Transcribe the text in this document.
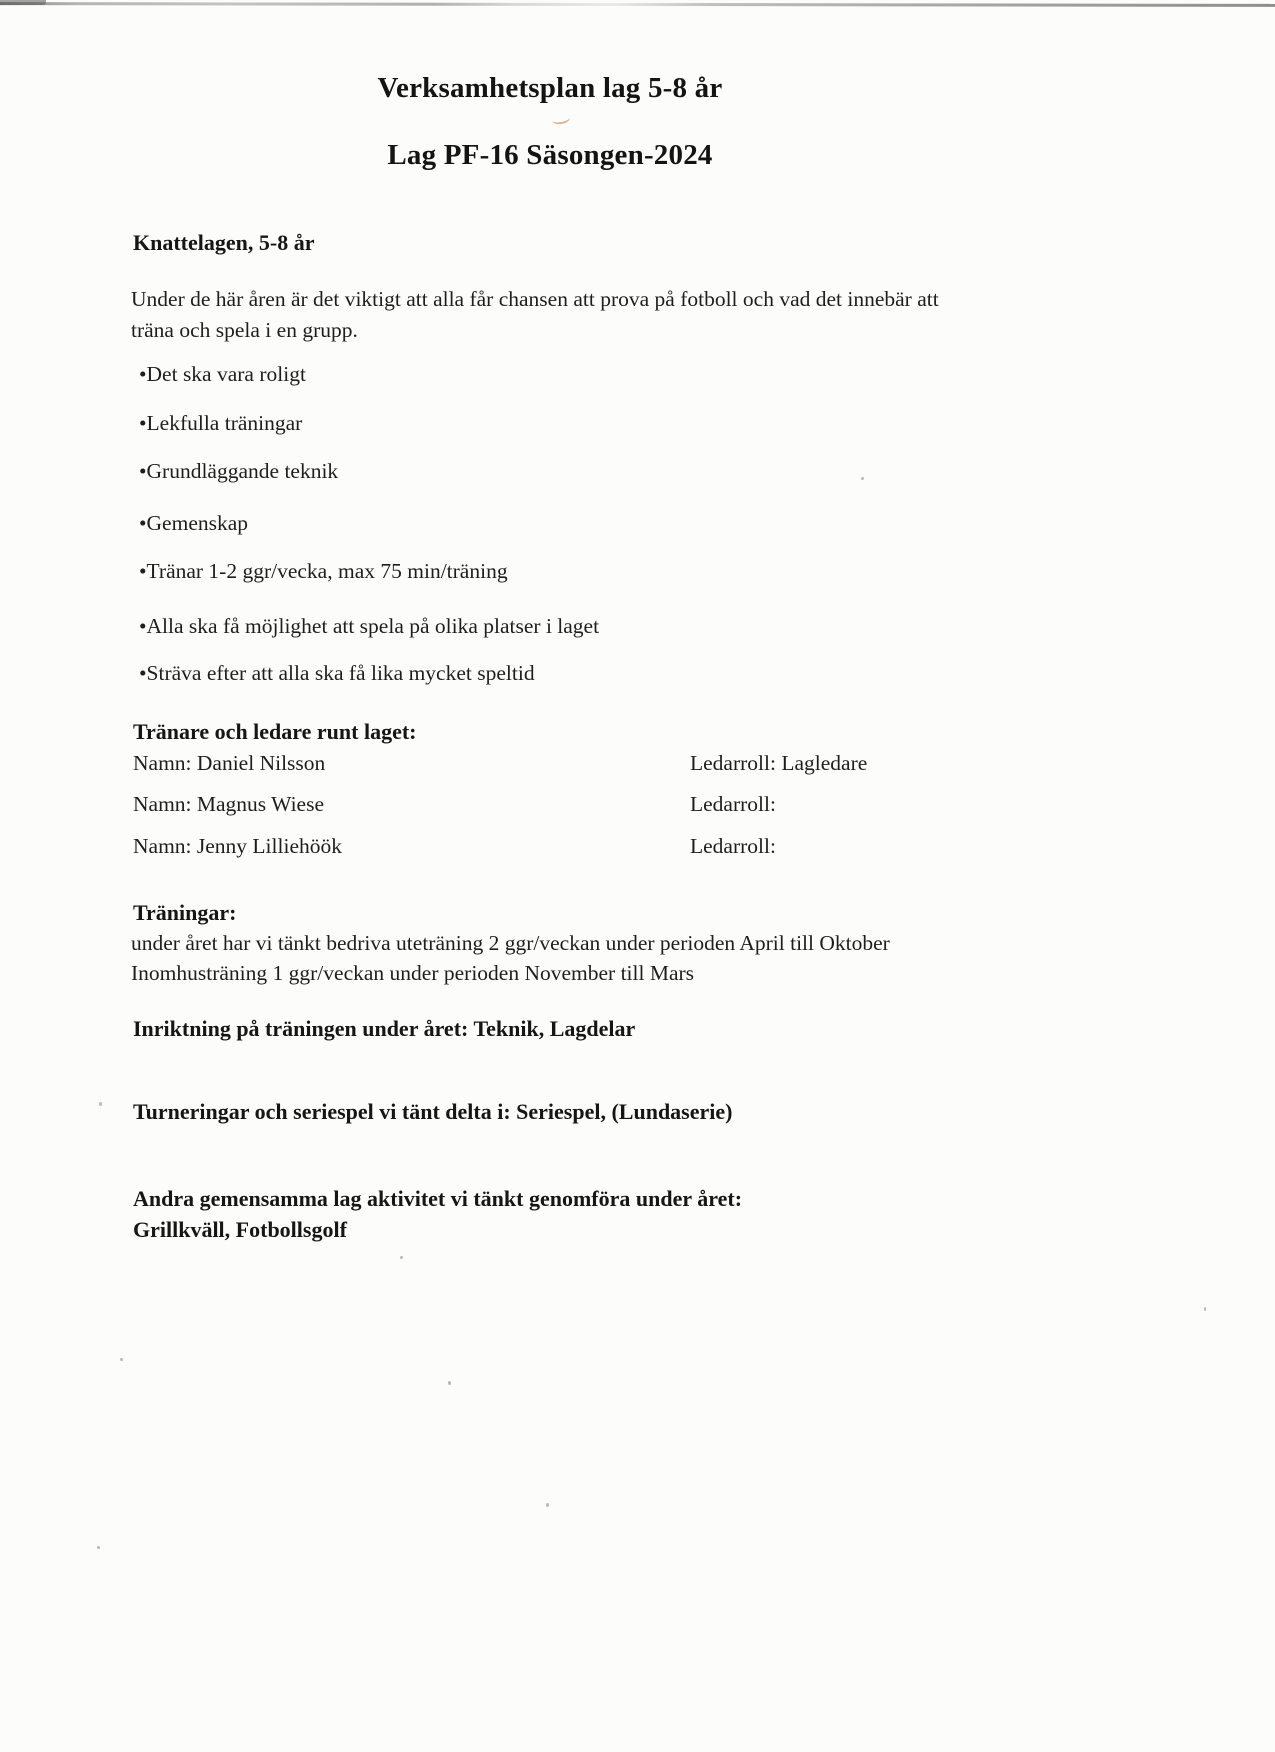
Verksamhetsplan lag 5-8 år
Lag PF-16 Säsongen-2024
Knattelagen, 5-8 år
Under de här åren är det viktigt att alla får chansen att prova på fotboll och vad det innebär att
träna och spela i en grupp.
•Det ska vara roligt
•Lekfulla träningar
•Grundläggande teknik
•Gemenskap
•Tränar 1-2 ggr/vecka, max 75 min/träning
•Alla ska få möjlighet att spela på olika platser i laget
•Sträva efter att alla ska få lika mycket speltid
Tränare och ledare runt laget:
Namn: Daniel Nilsson	Ledarroll: Lagledare
Namn: Magnus Wiese	Ledarroll:
Namn: Jenny Lilliehöök	Ledarroll:
Träningar:
under året har vi tänkt bedriva uteträning 2 ggr/veckan under perioden April till Oktober
Inomhusträning 1 ggr/veckan under perioden November till Mars
Inriktning på träningen under året: Teknik, Lagdelar
Turneringar och seriespel vi tänt delta i: Seriespel, (Lundaserie)
Andra gemensamma lag aktivitet vi tänkt genomföra under året:
Grillkväll, Fotbollsgolf
